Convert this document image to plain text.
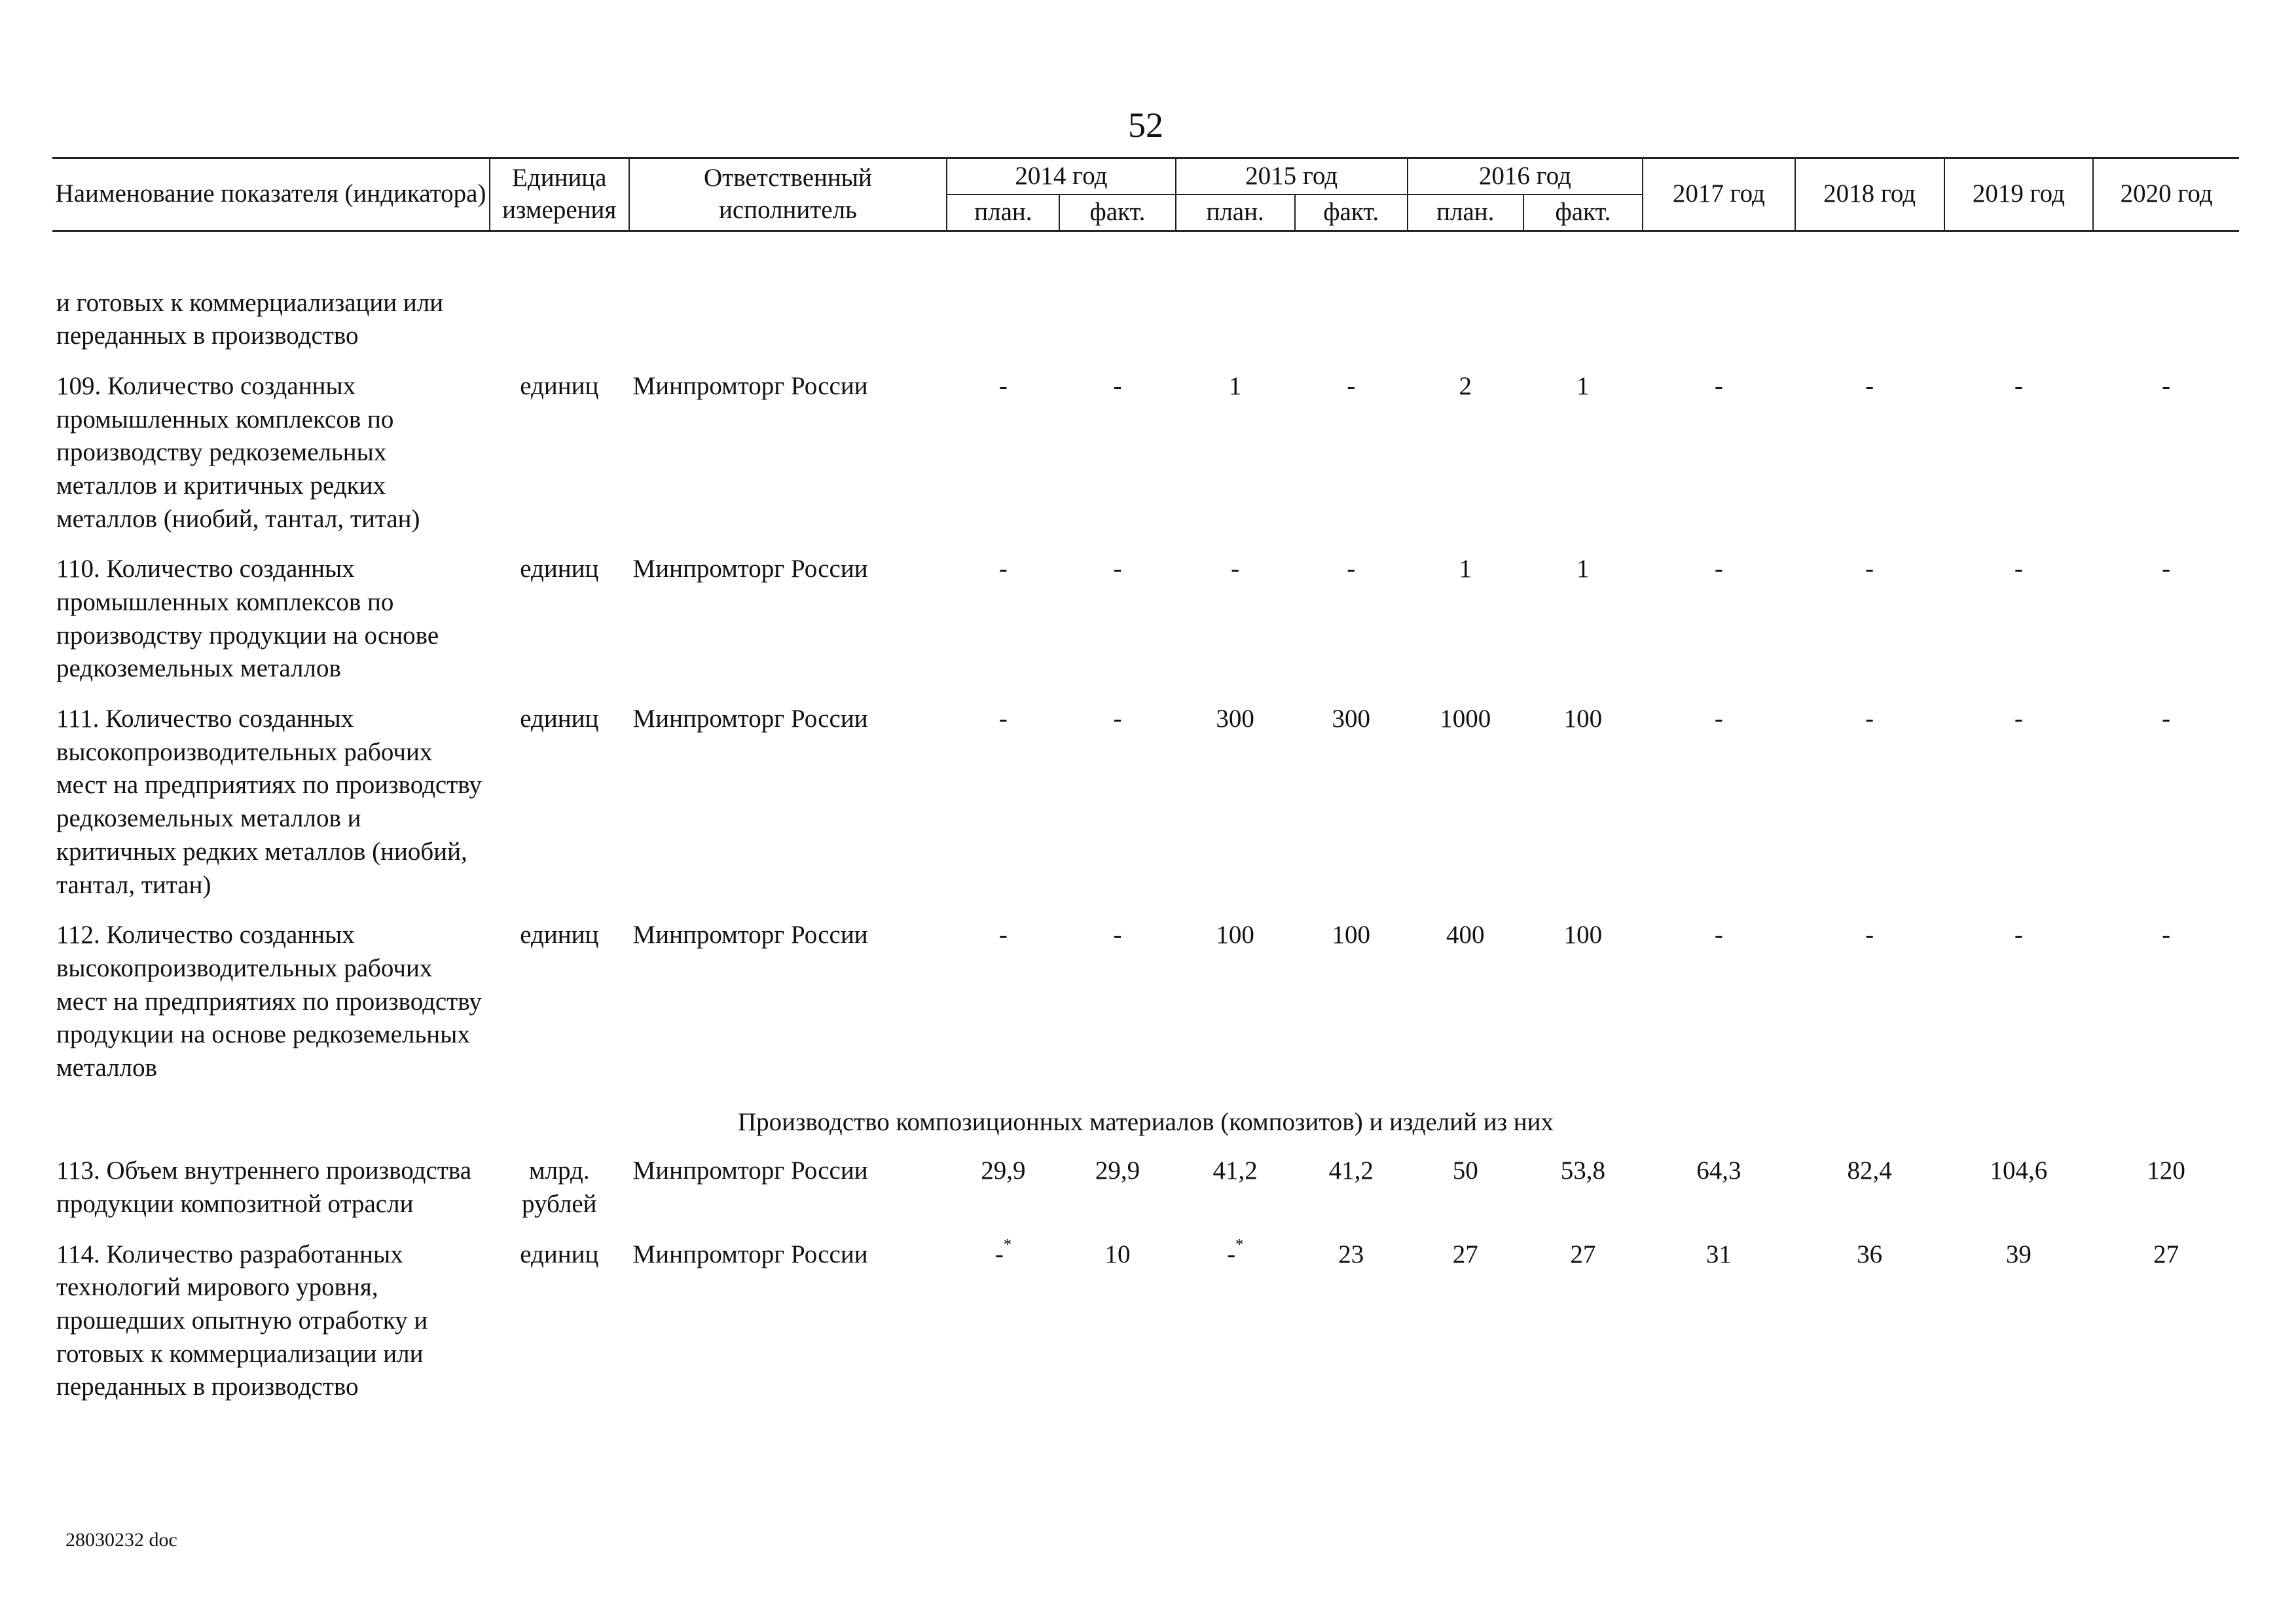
52
Наименование показателя (индикатора)	Единица измерения	Ответственный исполнитель	2014 год		2015 год		2016 год		2017 год	2018 год	2019 год	2020 год
			план.	факт.	план.	факт.	план.	факт.				

и готовых к коммерциализации или переданных в производство												
109. Количество созданных промышленных комплексов по производству редкоземельных металлов и критичных редких металлов (ниобий, тантал, титан)	единиц	Минпромторг России	-	-	1	-	2	1	-	-	-	-
110. Количество созданных промышленных комплексов по производству продукции на основе редкоземельных металлов	единиц	Минпромторг России	-	-	-	-	1	1	-	-	-	-
111. Количество созданных высокопроизводительных рабочих мест на предприятиях по производству редкоземельных металлов и критичных редких металлов (ниобий, тантал, титан)	единиц	Минпромторг России	-	-	300	300	1000	100	-	-	-	-
112. Количество созданных высокопроизводительных рабочих мест на предприятиях по производству продукции на основе редкоземельных металлов	единиц	Минпромторг России	-	-	100	100	400	100	-	-	-	-
Производство композиционных материалов (композитов) и изделий из них												
113. Объем внутреннего производства продукции композитной отрасли	млрд. рублей	Минпромторг России	29,9	29,9	41,2	41,2	50	53,8	64,3	82,4	104,6	120
114. Количество разработанных технологий мирового уровня, прошедших опытную отработку и готовых к коммерциализации или переданных в производство	единиц	Минпромторг России	-*	10	-*	23	27	27	31	36	39	27
28030232 doc
